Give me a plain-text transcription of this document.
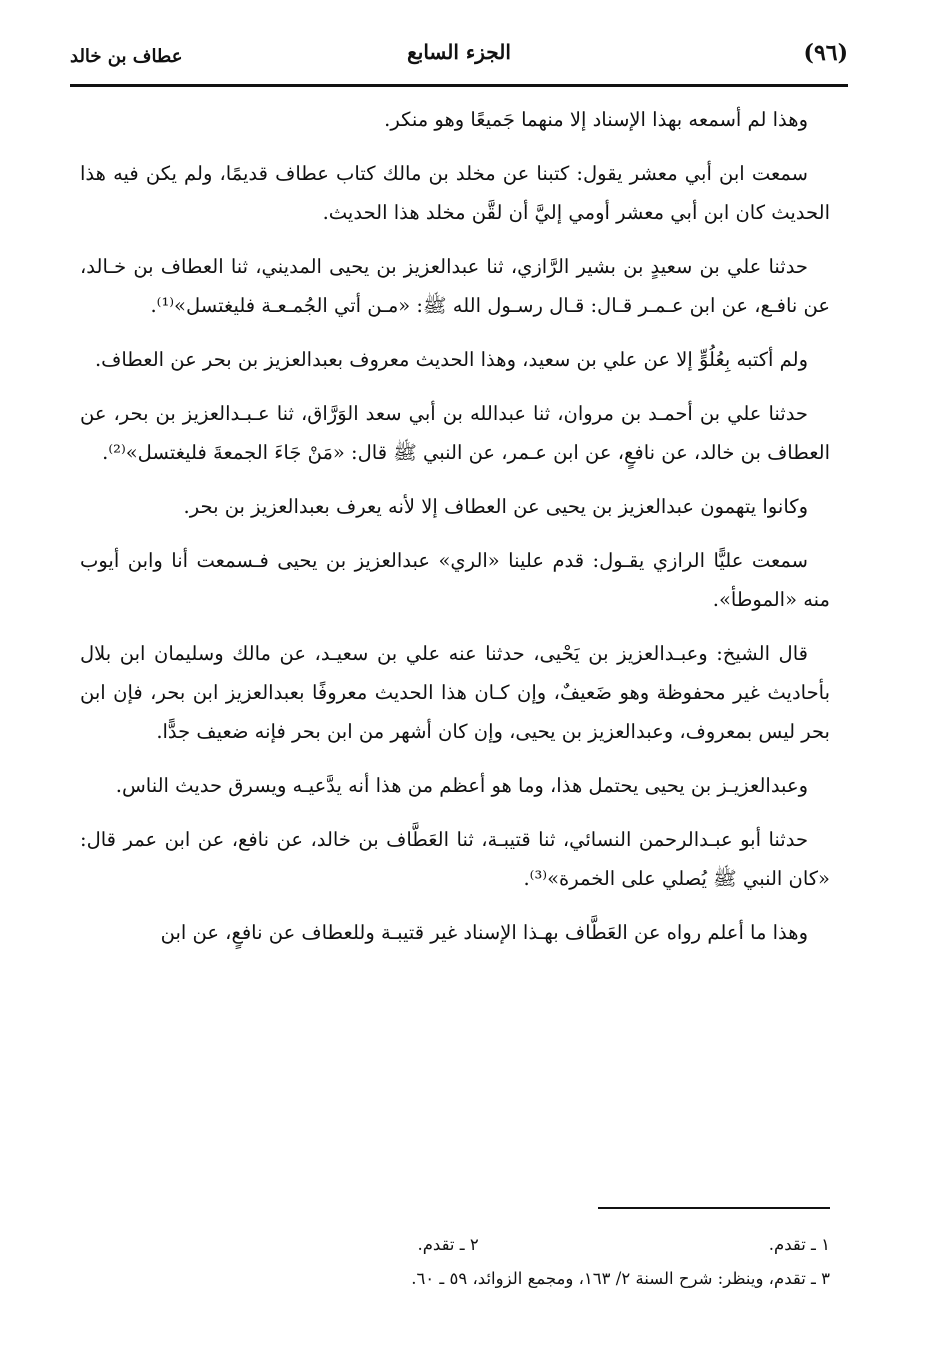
(٩٦)
الجزء السابع
عطاف بن خالد

وهذا لم أسمعه بهذا الإسناد إلا منهما جَميعًا وهو منكر.

سمعت ابن أبي معشر يقول: كتبنا عن مخلد بن مالك كتاب عطاف قديمًا، ولم يكن فيه هذا الحديث كان ابن أبي معشر أومي إليَّ أن لقَّن مخلد هذا الحديث.

حدثنا علي بن سعيدٍ بن بشير الرَّازي، ثنا عبدالعزيز بن يحيى المديني، ثنا العطاف بن خـالد، عن نافـع، عن ابن عـمـر قـال: قـال رسـول الله ﷺ: «مـن أتي الجُمـعـة فليغتسل»⁽¹⁾.

ولم أكتبه بِعُلُوٍّ إلا عن علي بن سعيد، وهذا الحديث معروف بعبدالعزيز بن بحر عن العطاف.

حدثنا علي بن أحمـد بن مروان، ثنا عبدالله بن أبي سعد الوَرَّاق، ثنا عـبـدالعزيز بن بحر، عن العطاف بن خالد، عن نافعٍ، عن ابن عـمر، عن النبي ﷺ قال: «مَنْ جَاءَ الجمعةَ فليغتسل»⁽²⁾.

وكانوا يتهمون عبدالعزيز بن يحيى عن العطاف إلا لأنه يعرف بعبدالعزيز بن بحر.

سمعت عليًّا الرازي يقـول: قدم علينا «الري» عبدالعزيز بن يحيى فـسمعت أنا وابن أيوب منه «الموطأ».

قال الشيخ: وعبـدالعزيز بن يَحْيى، حدثنا عنه علي بن سعيـد، عن مالك وسليمان ابن بلال بأحاديث غير محفوظة وهو ضَعيفٌ، وإن كـان هذا الحديث معروفًا بعبدالعزيز ابن بحر، فإن ابن بحر ليس بمعروف، وعبدالعزيز بن يحيى، وإن كان أشهر من ابن بحر فإنه ضعيف جدًّا.

وعبدالعزيـز بن يحيى يحتمل هذا، وما هو أعظم من هذا أنه يدَّعيـه ويسرق حديث الناس.

حدثنا أبو عبـدالرحمن النسائي، ثنا قتيبـة، ثنا العَطَّاف بن خالد، عن نافع، عن ابن عمر قال: «كان النبي ﷺ يُصلي على الخمرة»⁽³⁾.

وهذا ما أعلم رواه عن العَطَّاف بهـذا الإسناد غير قتيبـة وللعطاف عن نافعٍ، عن ابن

١ ـ تقدم.
٢ ـ تقدم.
٣ ـ تقدم، وينظر: شرح السنة ٢/ ١٦٣، ومجمع الزوائد، ٥٩ ـ ٦٠.
